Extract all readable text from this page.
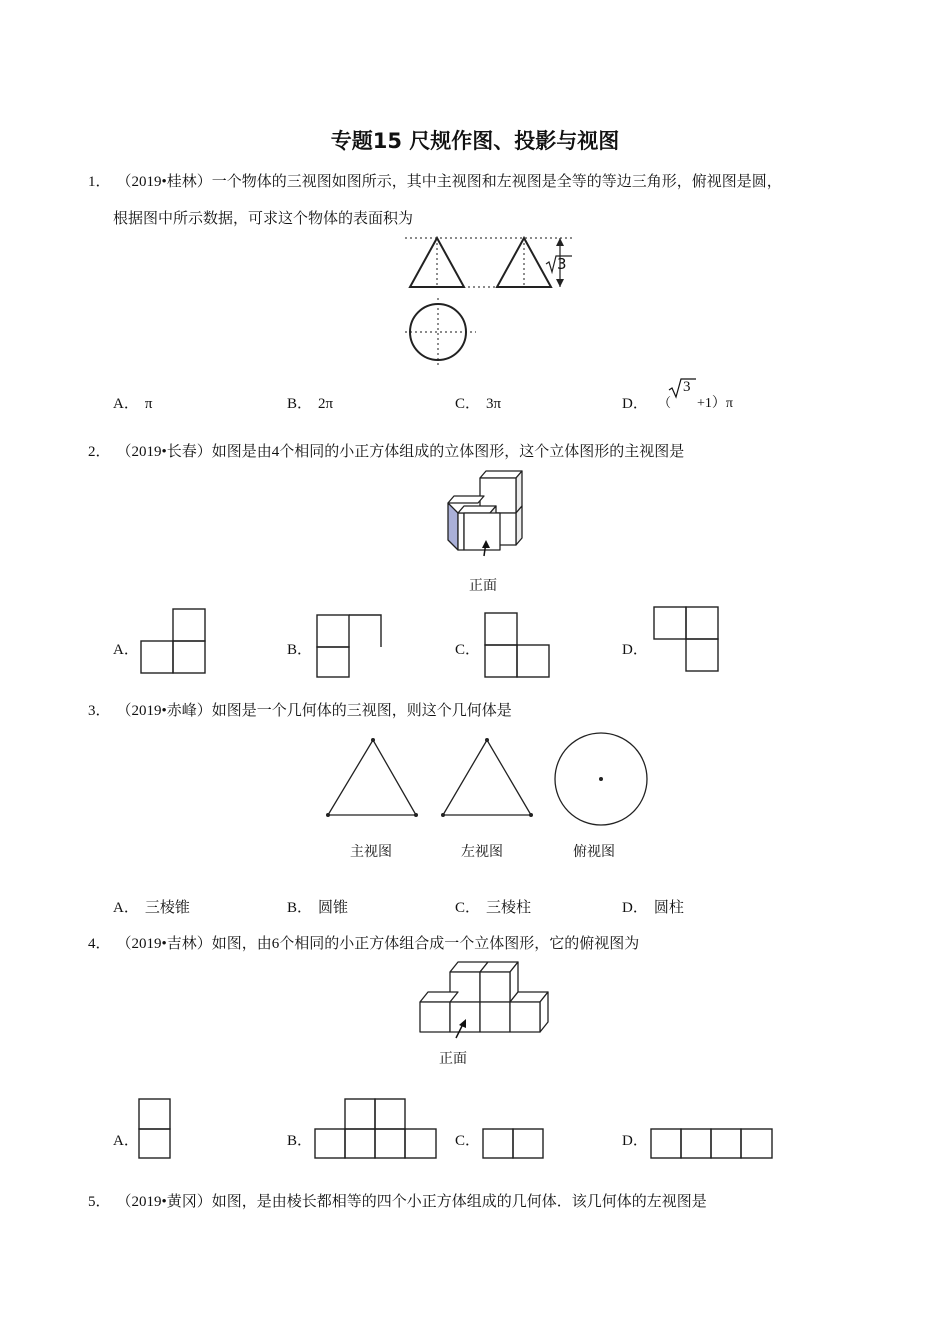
专题15 尺规作图、投影与视图
1． （2019•桂林）一个物体的三视图如图所示，其中主视图和左视图是全等的等边三角形，俯视图是圆，
根据图中所示数据，可求这个物体的表面积为
3
A． π	B． 2π	C． 3π	D． （
3
+1）π
2． （2019•长春）如图是由4个相同的小正方体组成的立体图形，这个立体图形的主视图是
正面
A．	B．	C．	D．
3． （2019•赤峰）如图是一个几何体的三视图，则这个几何体是
主视图	左视图	俯视图
A． 三棱锥	B． 圆锥	C． 三棱柱	D． 圆柱
4． （2019•吉林）如图，由6个相同的小正方体组合成一个立体图形，它的俯视图为
正面
A．	B．	C．	D．
5． （2019•黄冈）如图，是由棱长都相等的四个小正方体组成的几何体．该几何体的左视图是
